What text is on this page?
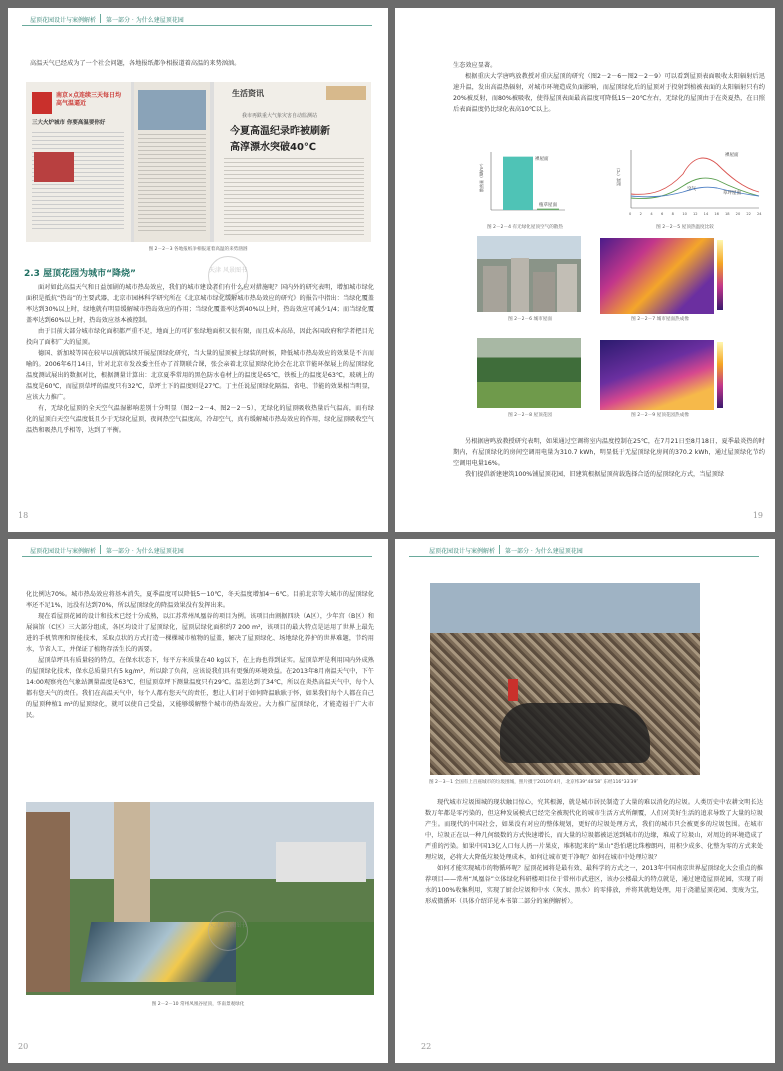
屋顶花园设计与案例解析 第一部分 · 为什么建屋顶花园

高温天气已经成为了一个社会问题，各地报纸都争相报道着高温的来势汹汹。

南京×点连续三天每日均高气温逼近
三大火炉城市 你要高温要你好
生活资讯
我市再跌重大气象灾害自动监测站
今夏高温纪录昨被刷新
高淳漂水突破40℃
图 2－2－3 各地报纸争相报道着高温的来势汹汹
2.3 屋顶花园为城市“降烧”	天津 风景图书

面对如此高温天气和日益加剧的城市热岛效应，我们的城市建设者们有什么应对措施呢？国内外的研究表明，增加城市绿化面积是抵抗“热岛”的主要武器，北京市园林科学研究所在《北京城市绿化缓解城市热岛效应的研究》的报告中指出：当绿化覆盖率达到30%以上时，绿地就有明显缓解城市热岛效应的作用；当绿化覆盖率达到40%以上时，热岛效应可减少1/4；而当绿化覆盖率达到60%以上时，热岛效应基本被控制。

由于目前大部分城市绿化面积都严重不足，地面上的可扩张绿地面积又很有限，而且成本高昂，因此各国政府和学者把目光投向了面积广大的屋顶。

德国、新加坡等国在较早以前就陆续开展屋顶绿化研究，当大量的屋顶被上绿装的时候，降低城市热岛效应的效果是不言而喻的。2006年6月14日，针对北京市发改委主任办了首期联合课，张会亲着北京屋顶绿化协会在北京节能环保展上的屋顶绿化温度测试展出的数据对比，根据测量计算出：北京夏季常用的黑色防水卷材上的温度是65℃，铁板上的温度是63℃，玻璃上的温度是60℃，而屋顶草坪的温度只有32℃，草坪土下的温度则是27℃。丁主任说屋顶绿化隔温、省电、节能的效果相当明显，应该大力推广。

有，无绿化屋顶的全天空气温湿影响差别十分明显（图2－2－4、图2－2－5），无绿化的屋顶吸收热量后气温高，而有绿化的屋顶白天空气温度低且少于无绿化屋顶，夜间热空气温度高，冷却空气，真有缓解城市热岛效应的作用，绿化屋顶吸收空气温热和吸热几乎相等，达到了平衡。

18

生态效应显著。

根据重庆大学唐鸣放教授对重庆屋顶的研究（图2－2－6～图2－2－9）可以看到屋顶表面吸收太阳辐射后迅速升温，发出高温热辐射，对城市环境造成负面影响，而屋顶绿化后的屋顶对于投射到植被表面的太阳辐射只有约20%被反射，而80%被吸收，使得屋顶表面最高温度可降低15～20℃左右，无绿化的屋顶由于在炎夏热，在日照后表面温度仍比绿化表高10℃以上。

裸屋面
植草屋面
散热量（W/m²）
图 2－2－4 有无绿化屋顶空气的散热
裸屋面
空气
草坪屋面
温度（℃）
0 2 4 6 8 10 12 14 16 18 20 22 24
图 2－2－5 屋顶热温度比较
图 2－2－6 城市屋面	图 2－2－7 城市屋面热成像
图 2－2－8 屋顶花园	图 2－2－9 屋顶花园热成像

另根据唐鸣放教授研究表明，如果通过空调将室内温度控制在25℃，在7月21日至8月18日，夏季最炎热的时期内，有屋顶绿化的房间空调用电量为310.7 kWh，明显低于无屋顶绿化房间的370.2 kWh，通过屋顶绿化节约空调用电量16%。

我们提倡新建建筑100%铺屋顶花园，旧建筑根据屋顶荷载选择合适的屋顶绿化方式，当屋顶绿

19
屋顶花园设计与案例解析 第一部分 · 为什么建屋顶花园

化比例达70%。城市热岛效应将基本消失，夏季温度可以降低5～10℃，冬天温度增加4～6℃。目前北京等大城市的屋顶绿化率还不足1%，远没有达到70%，所以屋顶绿化的降温效果没有发挥出来。

现在看屋顶花园的设计和技术已经十分成熟，以江苏常州凤凰谷的项目为例。该项目由割据四块（A区），少年宫（B区）和展演馆（C区）三大部分组成，各区均设计了屋顶绿化，屋顶层绿化面积约7 200 m²，该项目的最大特点是运用了世界上最先进的手机管理和智能技术，采取点状的方式打造一棵棵城市植物的屋盖，解决了屋顶绿化、场地绿化养护的世界难题，节约用水，节省人工，并保证了植物存活生长的需要。

屋顶草坪具有质量轻的特点，在保水状态下，每平方米质量在40 kg以下，在上海也得到证实。屋顶草坪是利用国内外成熟的屋顶绿化技术，保水总质量只有5 kg/m²，所以除了负荷，应该说我们具有更强的环境效益。在2013年8月南温天气中，下午14:00观察亮色气象站测量温度是63℃，但屋顶草坪下测量温度只有29℃。温差达到了34℃，所以在炎热高温天气中，每个人都有您天气的责任。我们在高温天气中，每个人都有您天气的责任，想让人们对于如何降温耿耿于怀，如果我们每个人都在自己的屋顶种植1 m²的屋顶绿化，就可以使自己受益，又能够缓解整个城市的热岛效应。大力推广屋顶绿化，才能造福于广大市民。

天津 风景图书
图 2－2－10 常州凤凰谷屋顶，华南景观绿化
20
屋顶花园设计与案例解析 第一部分 · 为什么建屋顶花园
图 2－3－1 全国有上百座城市的垃圾围城，照片摄于2010年4月，北京纬39°48′58″ 东经116°33′39″

现代城市垃圾围城的现状触目惊心，究其根源，就是城市居民制造了大量的难以消化的垃圾。人类历史中农耕文明长达数万年都是零污染的，但这种发展模式已经完全被现代化的城市生活方式所颠覆，人们对美好生活的追求导致了大量的垃圾产生。而现代的中国社会，如果没有对应的整体规划，更好的垃圾处理方式，我们的城市只会被更多的垃圾包围。在城市中，垃圾正在以一种几何级数的方式快速增长，而大量的垃圾都被运送到城市的边缘，堆成了垃圾山，对周边的环境造成了严重的污染。如果中国13亿人口每人扔一片果皮，堆积起来的“果山”恐怕堪比珠穆朗玛，用积少成多、化整为零的方式来处理垃圾，必将大大降低垃圾处理成本，如何让城市更干净呢？如何在城市中处理垃圾？

如何才能实现城市的物循环呢？屋顶花园将是最有效、最科学的方式之一，2013年中国南京世界屋顶绿化大会重点的推荐项目——常州“凤凰谷”立体绿化科研楼项目位于常州市武进区，该办公楼最大的特点就是，通过建造屋顶花园，实现了雨水的100%收集利用，实现了厨余垃圾和中水（灰水、黑水）的零排放，并将其就地处理，用于浇灌屋顶花园、变废为宝，形成微循环（具体介绍详见本书第二部分的案例解析）。

22
